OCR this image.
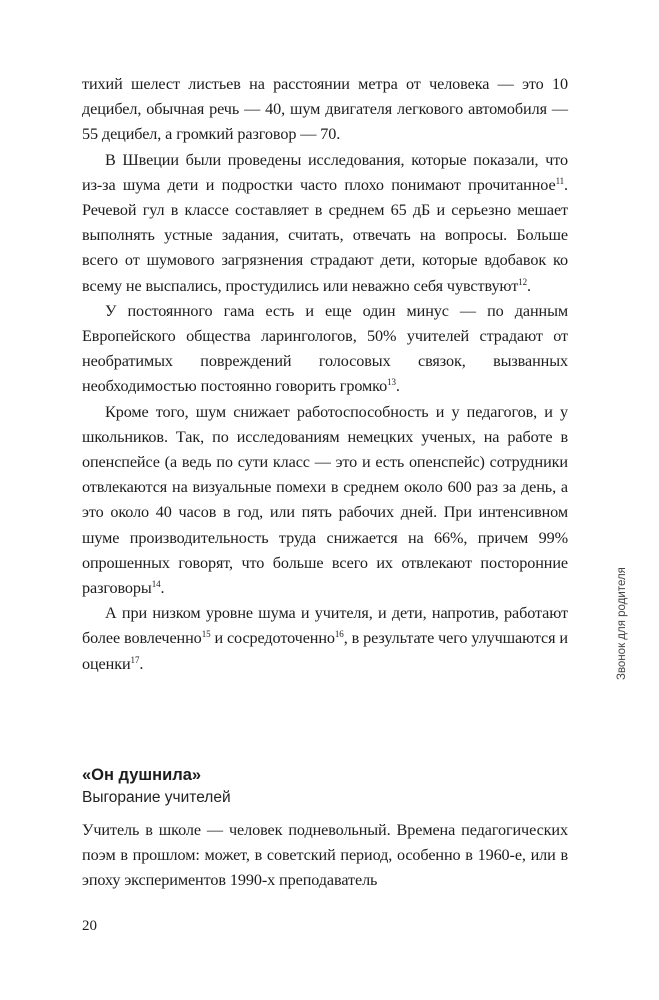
тихий шелест листьев на расстоянии метра от человека — это 10 децибел, обычная речь — 40, шум двигателя легкового автомобиля — 55 децибел, а громкий разговор — 70.

В Швеции были проведены исследования, которые показали, что из-за шума дети и подростки часто плохо понимают прочитанное$^{11}$. Речевой гул в классе составляет в среднем 65 дБ и серьезно мешает выполнять устные задания, считать, отвечать на вопросы. Больше всего от шумового загрязнения страдают дети, которые вдобавок ко всему не выспались, простудились или неважно себя чувствуют$^{12}$.

У постоянного гама есть и еще один минус — по данным Европейского общества ларингологов, 50% учителей страдают от необратимых повреждений голосовых связок, вызванных необходимостью постоянно говорить громко$^{13}$.

Кроме того, шум снижает работоспособность и у педагогов, и у школьников. Так, по исследованиям немецких ученых, на работе в опенспейсе (а ведь по сути класс — это и есть опенспейс) сотрудники отвлекаются на визуальные помехи в среднем около 600 раз за день, а это около 40 часов в год, или пять рабочих дней. При интенсивном шуме производительность труда снижается на 66%, причем 99% опрошенных говорят, что больше всего их отвлекают посторонние разговоры$^{14}$.

А при низком уровне шума и учителя, и дети, напротив, работают более вовлеченно$^{15}$ и сосредоточенно$^{16}$, в результате чего улучшаются и оценки$^{17}$.

«Он душнила»
Выгорание учителей

Учитель в школе — человек подневольный. Времена педагогических поэм в прошлом: может, в советский период, особенно в 1960-е, или в эпоху экспериментов 1990-х преподаватель

20
Звонок для родителя
